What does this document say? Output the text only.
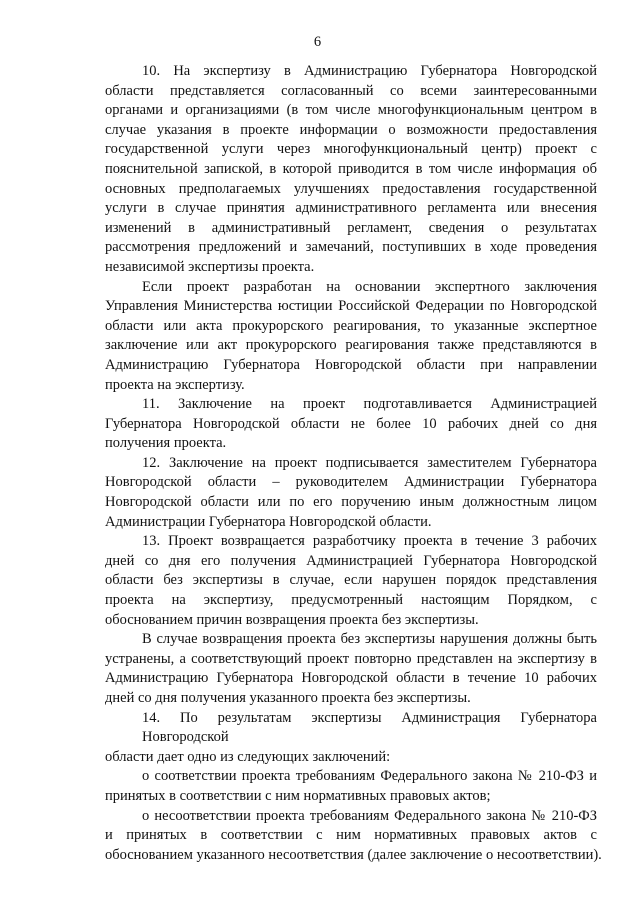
6
10. На экспертизу в Администрацию Губернатора Новгородской
области представляется согласованный со всеми заинтересованными
органами и организациями (в том числе многофункциональным центром в
случае указания в проекте информации о возможности предоставления
государственной услуги через многофункциональный центр) проект с
пояснительной запиской, в которой приводится в том числе информация об
основных предполагаемых улучшениях предоставления государственной
услуги в случае принятия административного регламента или внесения
изменений в административный регламент, сведения о результатах
рассмотрения предложений и замечаний, поступивших в ходе проведения
независимой экспертизы проекта.
Если проект разработан на основании экспертного заключения
Управления Министерства юстиции Российской Федерации по Новгородской
области или акта прокурорского реагирования, то указанные экспертное
заключение или акт прокурорского реагирования также представляются в
Администрацию Губернатора Новгородской области при направлении
проекта на экспертизу.
11. Заключение на проект подготавливается Администрацией
Губернатора Новгородской области не более 10 рабочих дней со дня
получения проекта.
12. Заключение на проект подписывается заместителем Губернатора
Новгородской области – руководителем Администрации Губернатора
Новгородской области или по его поручению иным должностным лицом
Администрации Губернатора Новгородской области.
13. Проект возвращается разработчику проекта в течение 3 рабочих
дней со дня его получения Администрацией Губернатора Новгородской
области без экспертизы в случае, если нарушен порядок представления
проекта на экспертизу, предусмотренный настоящим Порядком, с
обоснованием причин возвращения проекта без экспертизы.
В случае возвращения проекта без экспертизы нарушения должны быть
устранены, а соответствующий проект повторно представлен на экспертизу в
Администрацию Губернатора Новгородской области в течение 10 рабочих
дней со дня получения указанного проекта без экспертизы.
14. По результатам экспертизы Администрация Губернатора Новгородской
области дает одно из следующих заключений:
о соответствии проекта требованиям Федерального закона № 210-ФЗ и
принятых в соответствии с ним нормативных правовых актов;
о несоответствии проекта требованиям Федерального закона № 210-ФЗ
и принятых в соответствии с ним нормативных правовых актов с
обоснованием указанного несоответствия (далее заключение о несоответствии).
